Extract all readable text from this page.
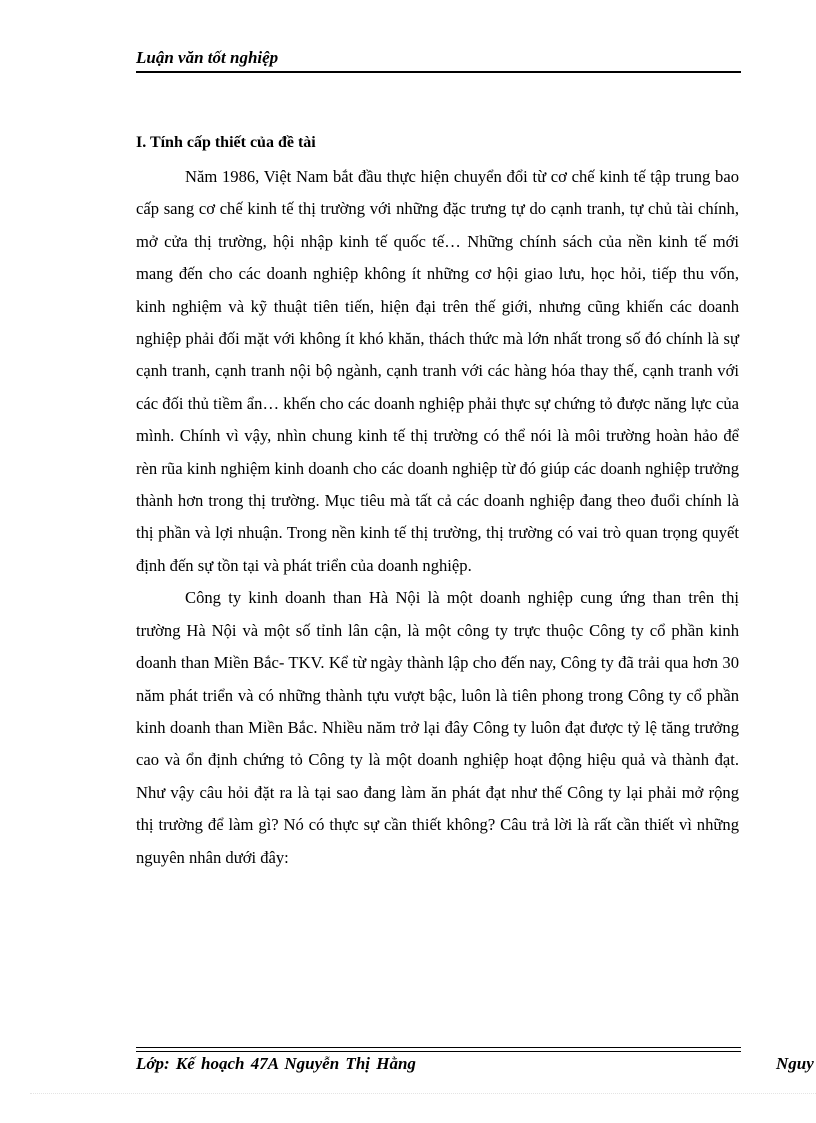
Luận văn tốt nghiệp
I. Tính cấp thiết của đề tài

Năm 1986, Việt Nam bắt đầu thực hiện chuyển đổi từ cơ chế kinh tế tập trung bao cấp sang cơ chế kinh tế thị trường với những đặc trưng tự do cạnh tranh, tự chủ tài chính, mở cửa thị trường, hội nhập kinh tế quốc tế… Những chính sách của nền kinh tế mới mang đến cho các doanh nghiệp không ít những cơ hội giao lưu, học hỏi, tiếp thu vốn, kinh nghiệm và kỹ thuật tiên tiến, hiện đại trên thế giới, nhưng cũng khiến các doanh nghiệp phải đối mặt với không ít khó khăn, thách thức mà lớn nhất trong số đó chính là sự cạnh tranh, cạnh tranh nội bộ ngành, cạnh tranh với các hàng hóa thay thế, cạnh tranh với các đối thủ tiềm ẩn… khến cho các doanh nghiệp phải thực sự chứng tỏ được năng lực của mình. Chính vì vậy, nhìn chung kinh tế thị trường có thể nói là môi trường hoàn hảo để rèn rũa kinh nghiệm kinh doanh cho các doanh nghiệp từ đó giúp các doanh nghiệp trưởng thành hơn trong thị trường. Mục tiêu mà tất cả các doanh nghiệp đang theo đuổi chính là thị phần và lợi nhuận. Trong nền kinh tế thị trường, thị trường có vai trò quan trọng quyết định đến sự tồn tại và phát triển của doanh nghiệp.

Công ty kinh doanh than Hà Nội là một doanh nghiệp cung ứng than trên thị trường Hà Nội và một số tỉnh lân cận, là một công ty trực thuộc Công ty cổ phần kinh doanh than Miền Bắc- TKV. Kể từ ngày thành lập cho đến nay, Công ty đã trải qua hơn 30 năm phát triển và có những thành tựu vượt bậc, luôn là tiên phong trong Công ty cổ phần kinh doanh than Miền Bắc. Nhiều năm trở lại đây Công ty luôn đạt được tỷ lệ tăng trưởng cao và ổn định chứng tỏ Công ty là một doanh nghiệp hoạt động hiệu quả và thành đạt. Như vậy câu hỏi đặt ra là tại sao đang làm ăn phát đạt như thế Công ty lại phải mở rộng thị trường để làm gì? Nó có thực sự cần thiết không? Câu trả lời là rất cần thiết vì những nguyên nhân dưới đây:

Lớp: Kế hoạch 47A Nguyễn Thị Hằng	Nguy
